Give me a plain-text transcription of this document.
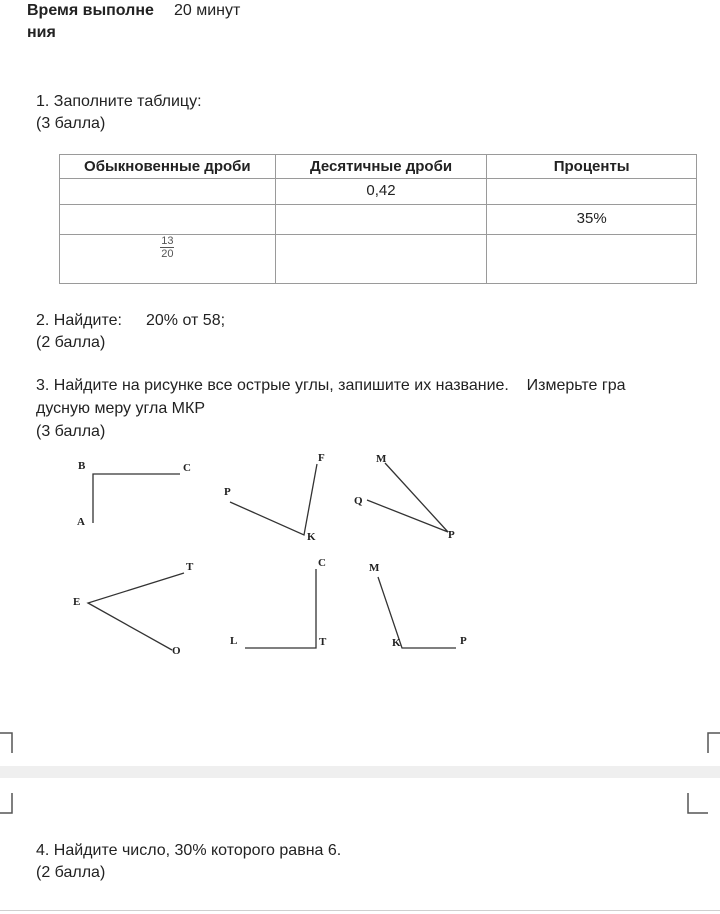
Время выполне
ния
20 минут
1. Заполните таблицу:
(3 балла)
Обыкновенные дроби	Десятичные дроби	Проценты
	0,42	
		35%

$\frac{13}{20}$

2. Найдите: 20% от 58;
(2 балла)
3. Найдите на рисунке все острые углы, запишите их название.    Измерьте гра
дусную меру угла МКР
(3 балла)
B	C
A
F
P
K
M
Q
P
T
E
O
C
L	T
M
K	P
4. Найдите число, 30% которого равна 6.
(2 балла)
